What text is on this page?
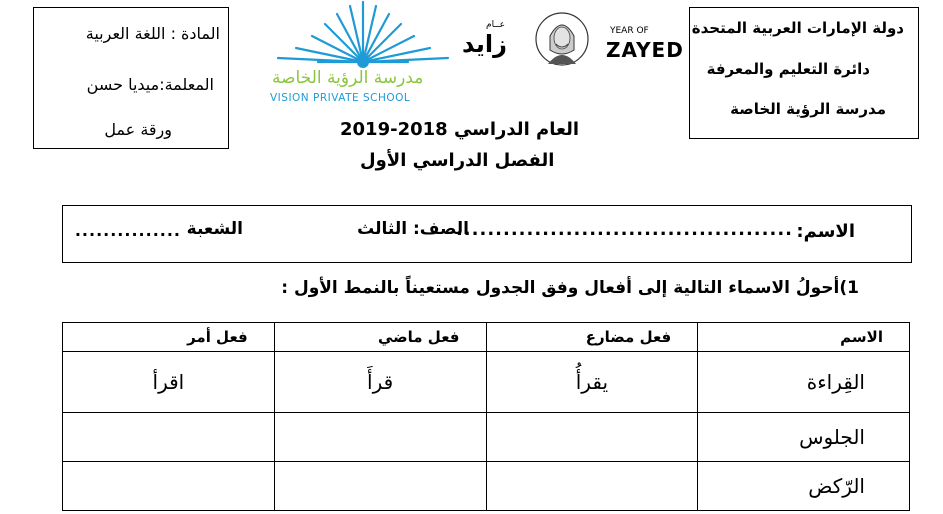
دولة الإمارات العربية المتحدة
دائرة التعليم والمعرفة
مدرسة الرؤية الخاصة
المادة : اللغة العربية
المعلمة:ميديا حسن
ورقة عمل
مدرسة الرؤية الخاصة
VISION PRIVATE SCHOOL
عــام
زايد	YEAR OF
ZAYED
العام الدراسي 2018-2019
الفصل الدراسي الأول
الاسم:
...........................................
الصف: الثالث
الشعبة
...............
1)أحولُ الاسماء التالية إلى أفعال وفق الجدول مستعيناً بالنمط الأول :
الاسم	فعل مضارع	فعل ماضي	فعل أمر
القِراءة	يقرأُ	قرأَ	اقرأ
الجلوس			
الرّكض			
